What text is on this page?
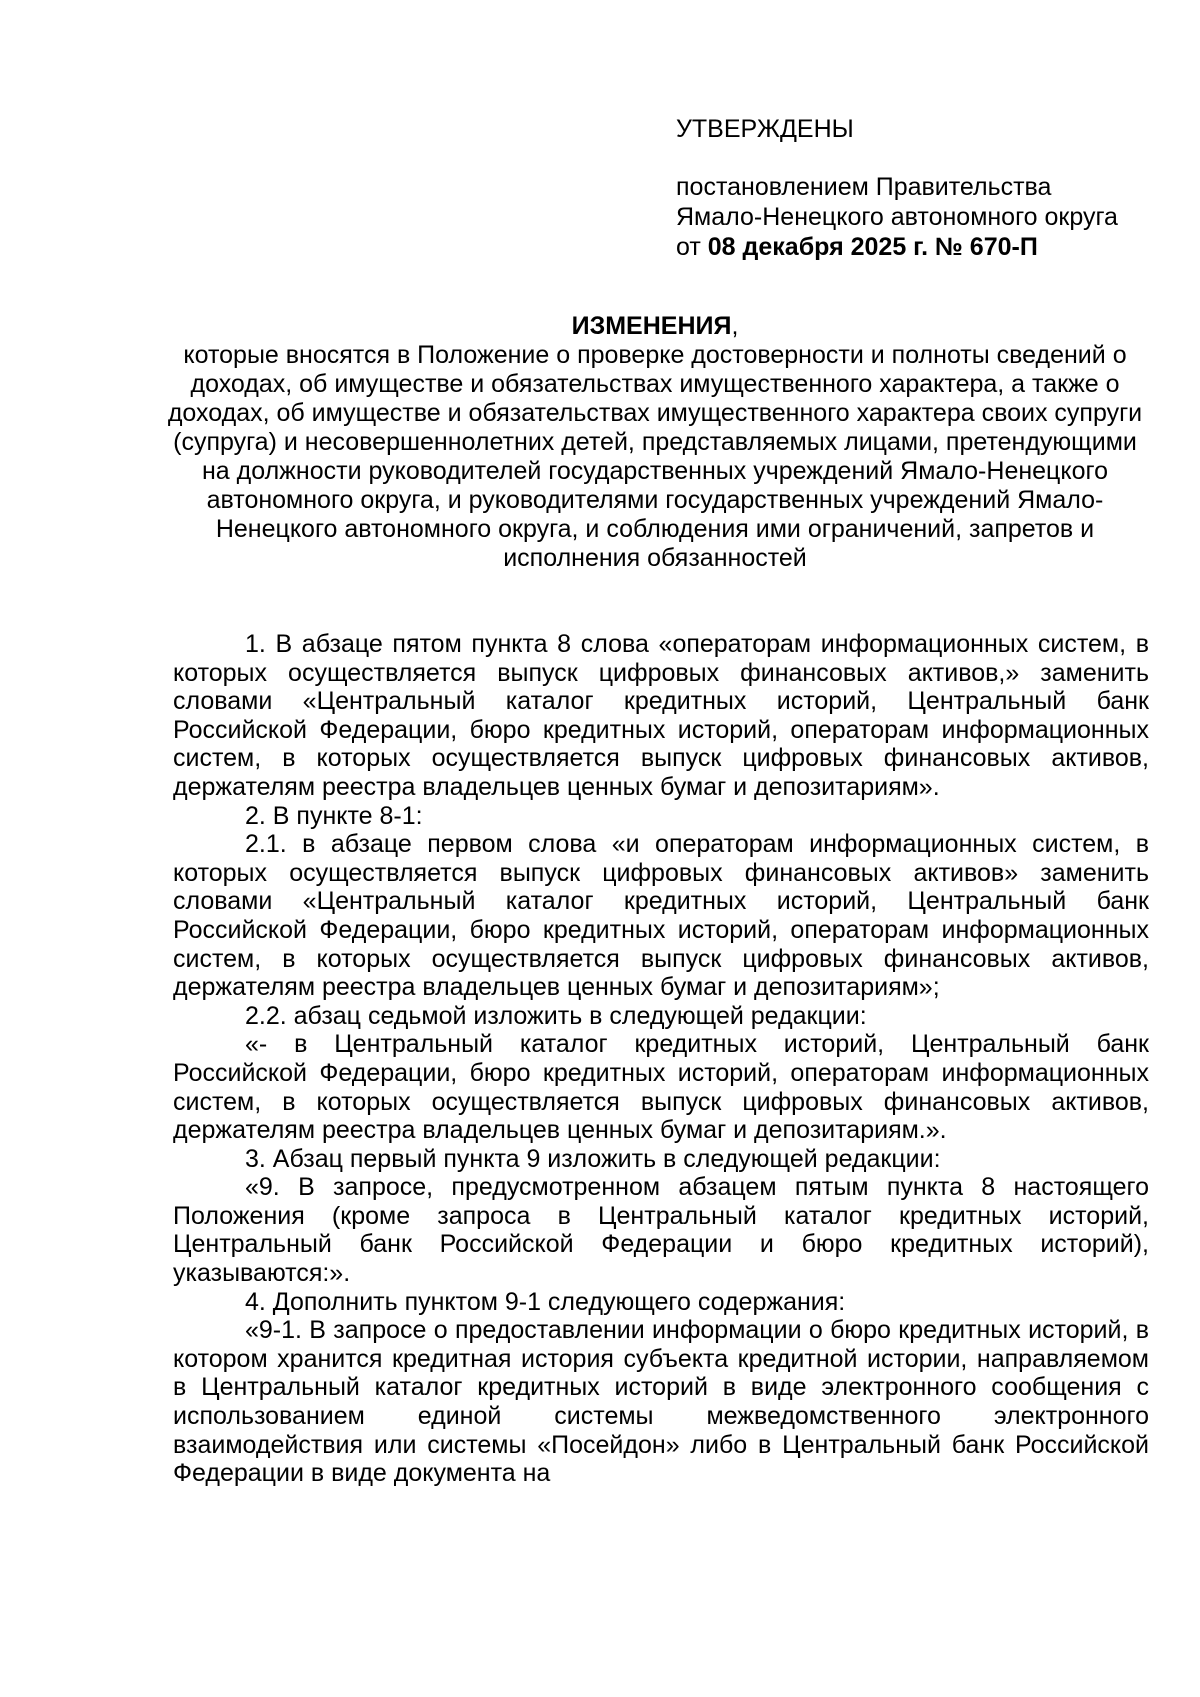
УТВЕРЖДЕНЫ
постановлением Правительства
Ямало-Ненецкого автономного округа
от 08 декабря 2025 г. № 670-П
ИЗМЕНЕНИЯ,
которые вносятся в Положение о проверке достоверности и полноты сведений о доходах, об имуществе и обязательствах имущественного характера, а также о доходах, об имуществе и обязательствах имущественного характера своих супруги (супруга) и несовершеннолетних детей, представляемых лицами, претендующими на должности руководителей государственных учреждений Ямало-Ненецкого автономного округа, и руководителями государственных учреждений Ямало-Ненецкого автономного округа, и соблюдения ими ограничений, запретов и исполнения обязанностей

1. В абзаце пятом пункта 8 слова «операторам информационных систем, в которых осуществляется выпуск цифровых финансовых активов,» заменить словами «Центральный каталог кредитных историй, Центральный банк Российской Федерации, бюро кредитных историй, операторам информационных систем, в которых осуществляется выпуск цифровых финансовых активов, держателям реестра владельцев ценных бумаг и депозитариям».

2. В пункте 8-1:

2.1. в абзаце первом слова «и операторам информационных систем, в которых осуществляется выпуск цифровых финансовых активов» заменить словами «Центральный каталог кредитных историй, Центральный банк Российской Федерации, бюро кредитных историй, операторам информационных систем, в которых осуществляется выпуск цифровых финансовых активов, держателям реестра владельцев ценных бумаг и депозитариям»;

2.2. абзац седьмой изложить в следующей редакции:

«- в Центральный каталог кредитных историй, Центральный банк Российской Федерации, бюро кредитных историй, операторам информационных систем, в которых осуществляется выпуск цифровых финансовых активов, держателям реестра владельцев ценных бумаг и депозитариям.».

3. Абзац первый пункта 9 изложить в следующей редакции:

«9. В запросе, предусмотренном абзацем пятым пункта 8 настоящего Положения (кроме запроса в Центральный каталог кредитных историй, Центральный банк Российской Федерации и бюро кредитных историй), указываются:».

4. Дополнить пунктом 9-1 следующего содержания:

«9-1. В запросе о предоставлении информации о бюро кредитных историй, в котором хранится кредитная история субъекта кредитной истории, направляемом в Центральный каталог кредитных историй в виде электронного сообщения с использованием единой системы межведомственного электронного взаимодействия или системы «Посейдон» либо в Центральный банк Российской Федерации в виде документа на
